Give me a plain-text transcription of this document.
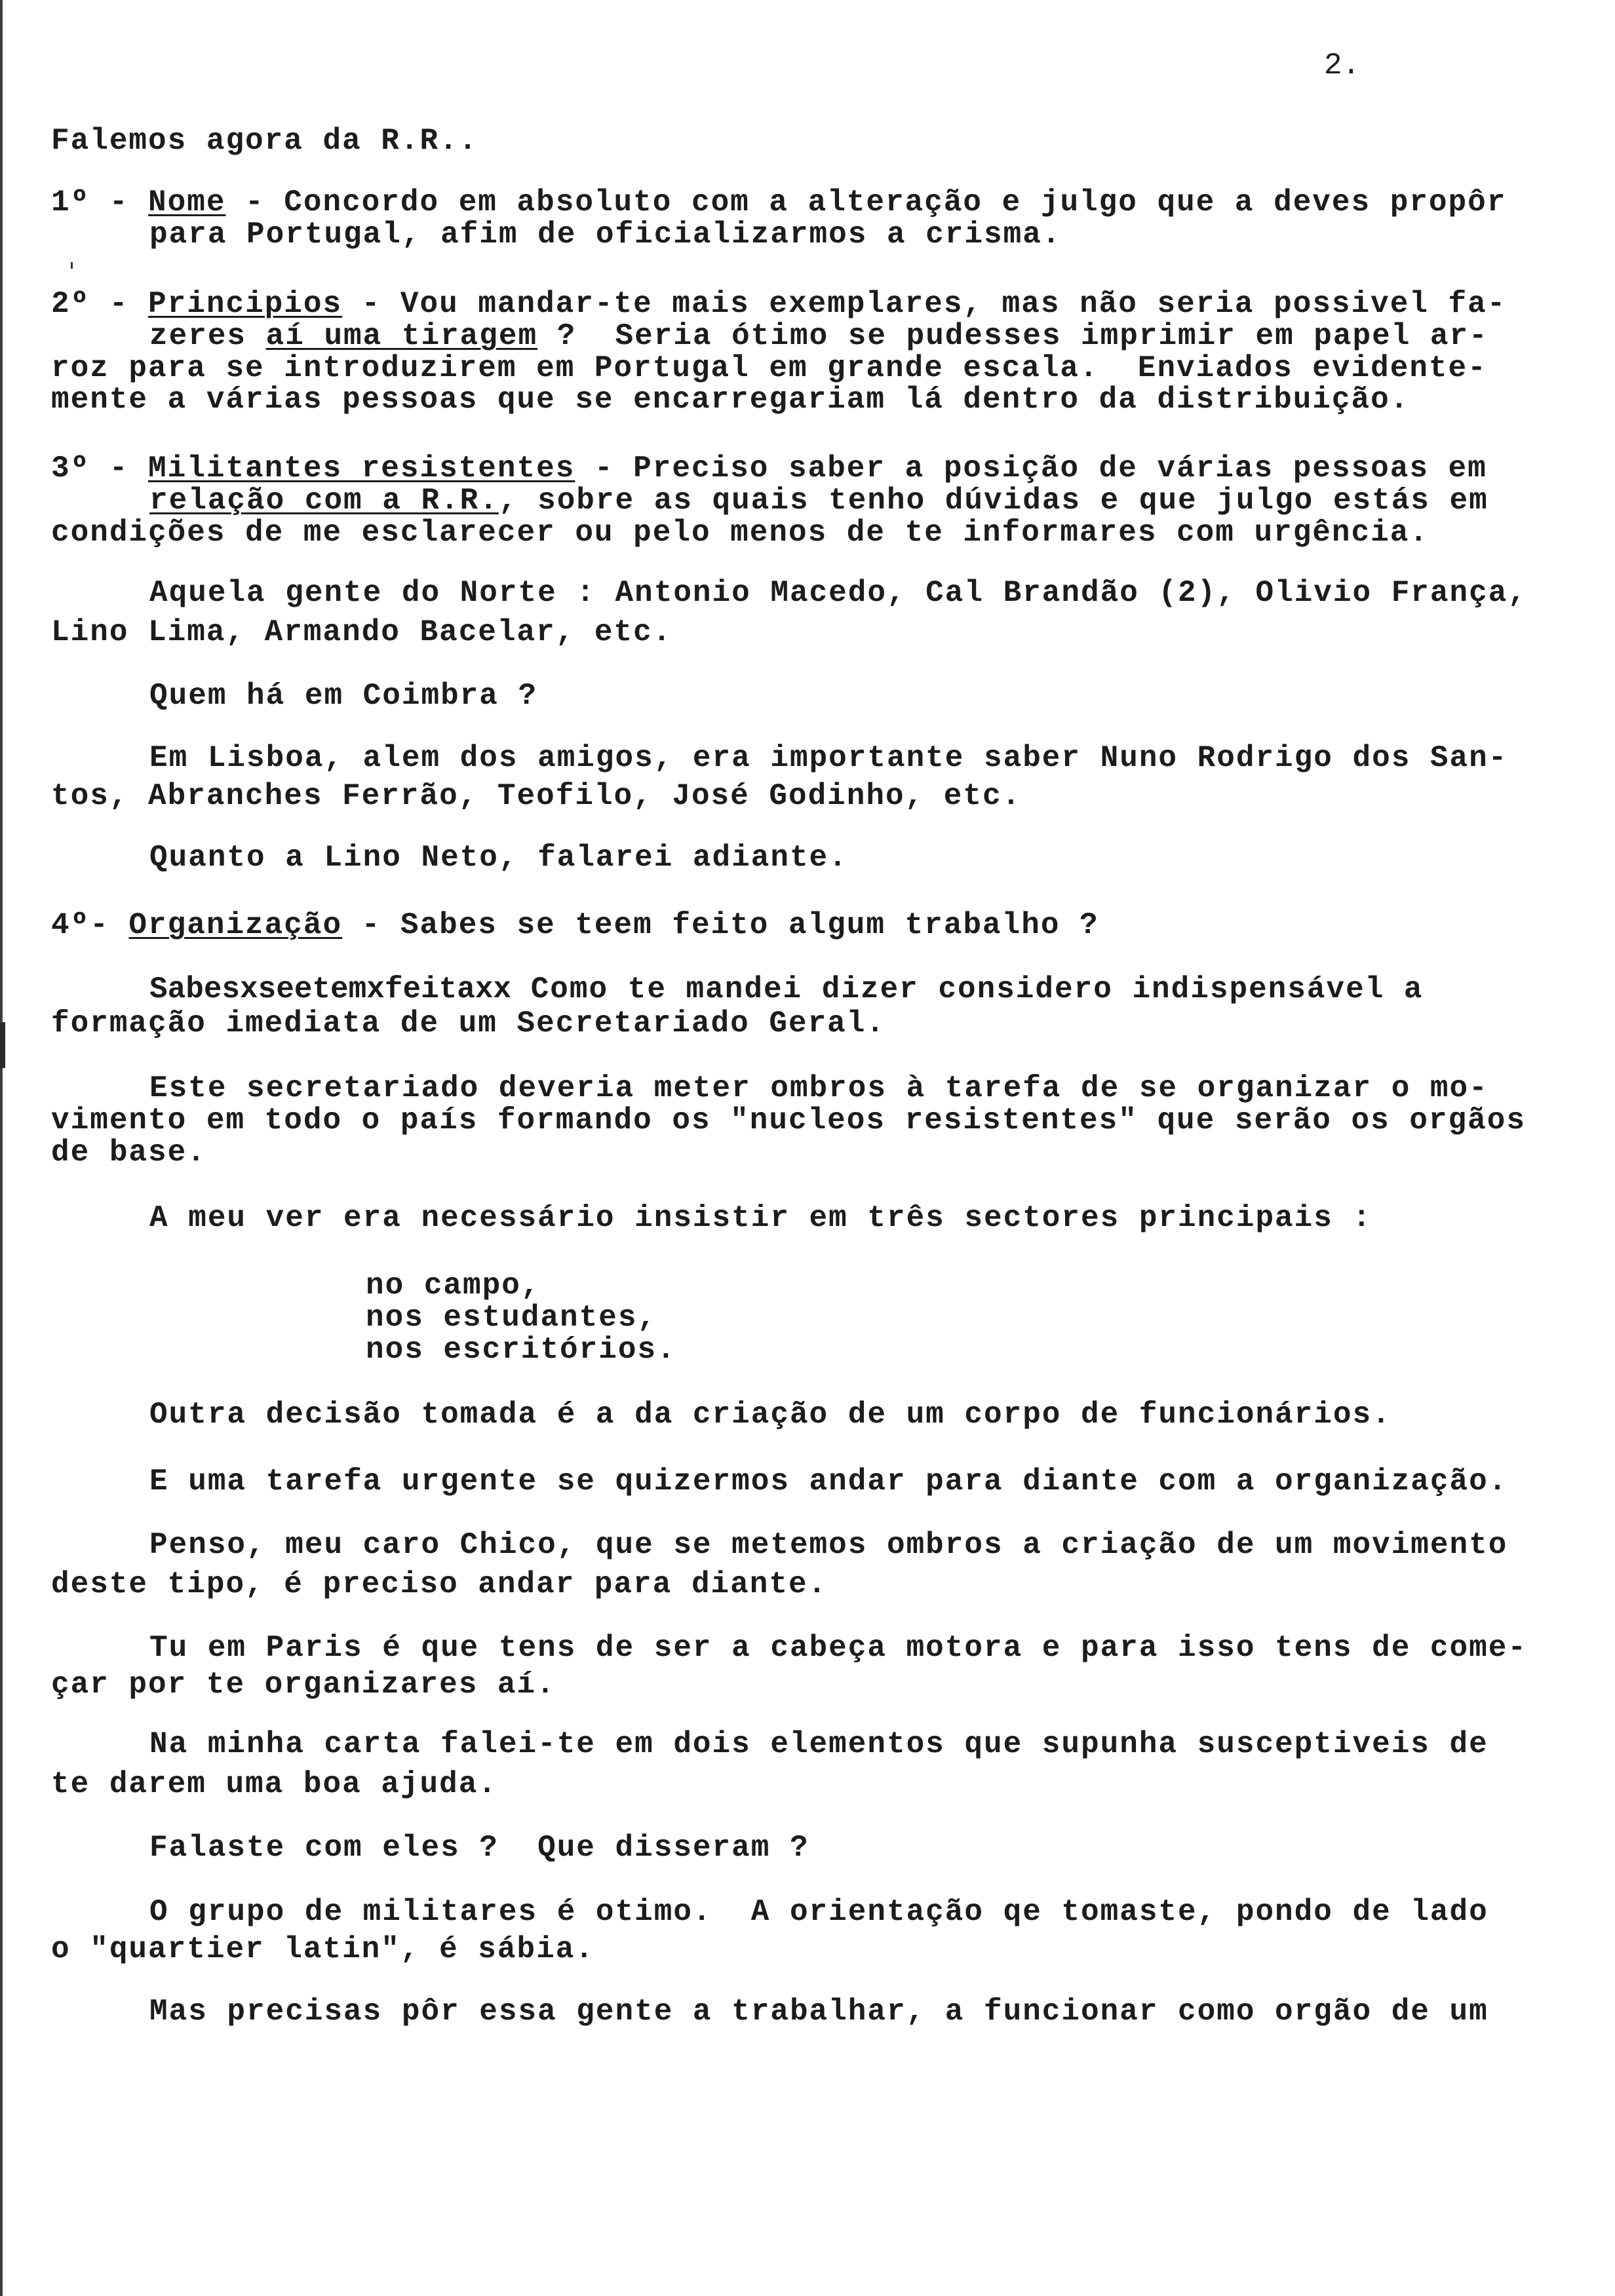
2.
Falemos agora da R.R..
1º - Nome - Concordo em absoluto com a alteração e julgo que a deves propôr
para Portugal, afim de oficializarmos a crisma.
2º - Principios - Vou mandar-te mais exemplares, mas não seria possivel fa-
zeres aí uma tiragem ?  Seria ótimo se pudesses imprimir em papel ar-
roz para se introduzirem em Portugal em grande escala.  Enviados evidente-
mente a várias pessoas que se encarregariam lá dentro da distribuição.
3º - Militantes resistentes - Preciso saber a posição de várias pessoas em
relação com a R.R., sobre as quais tenho dúvidas e que julgo estás em
condições de me esclarecer ou pelo menos de te informares com urgência.
Aquela gente do Norte : Antonio Macedo, Cal Brandão (2), Olivio França,
Lino Lima, Armando Bacelar, etc.
Quem há em Coimbra ?
Em Lisboa, alem dos amigos, era importante saber Nuno Rodrigo dos San-
tos, Abranches Ferrão, Teofilo, José Godinho, etc.
Quanto a Lino Neto, falarei adiante.
4º- Organização - Sabes se teem feito algum trabalho ?
Sabesxseetemxfeitaxx Como te mandei dizer considero indispensável a
formação imediata de um Secretariado Geral.
Este secretariado deveria meter ombros à tarefa de se organizar o mo-
vimento em todo o país formando os "nucleos resistentes" que serão os orgãos
de base.
A meu ver era necessário insistir em três sectores principais :
no campo,
nos estudantes,
nos escritórios.
Outra decisão tomada é a da criação de um corpo de funcionários.
E uma tarefa urgente se quizermos andar para diante com a organização.
Penso, meu caro Chico, que se metemos ombros a criação de um movimento
deste tipo, é preciso andar para diante.
Tu em Paris é que tens de ser a cabeça motora e para isso tens de come-
çar por te organizares aí.
Na minha carta falei-te em dois elementos que supunha susceptiveis de
te darem uma boa ajuda.
Falaste com eles ?  Que disseram ?
O grupo de militares é otimo.  A orientação qe tomaste, pondo de lado
o "quartier latin", é sábia.
Mas precisas pôr essa gente a trabalhar, a funcionar como orgão de um
